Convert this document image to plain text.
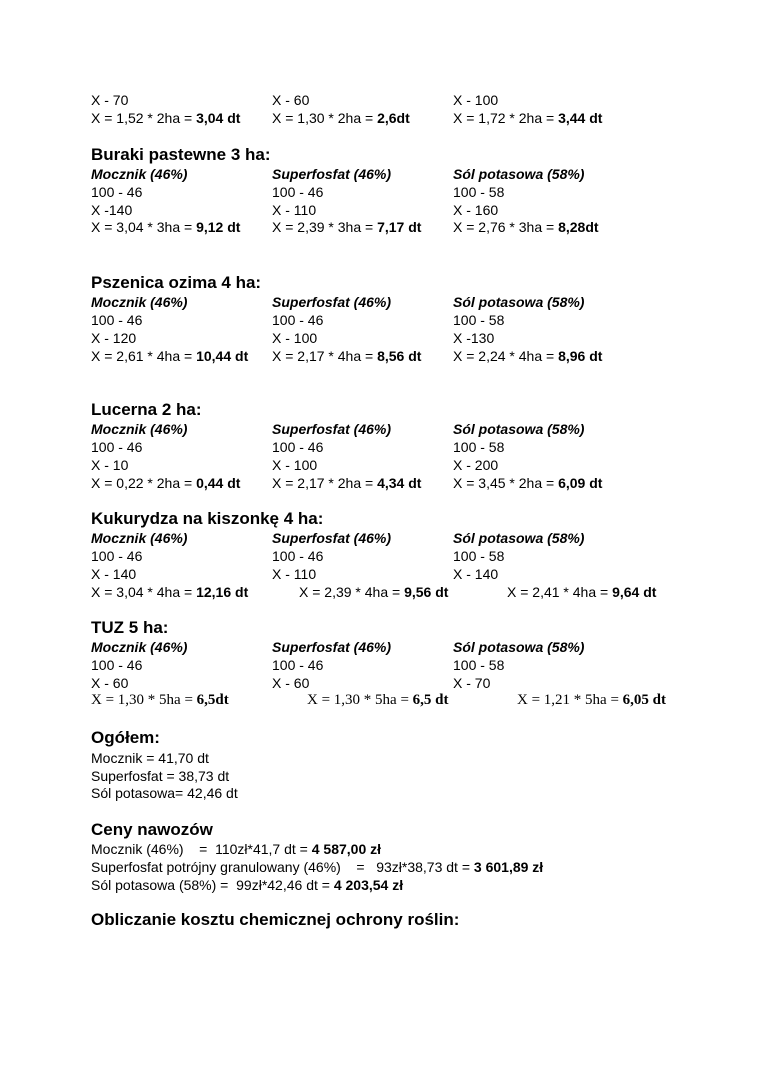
X - 70
X = 1,52 * 2ha = 3,04 dt
X - 60
X = 1,30 * 2ha = 2,6dt
X - 100
X = 1,72 * 2ha = 3,44 dt
Buraki pastewne 3 ha:
Mocznik (46%)
100 - 46
X -140
X = 3,04 * 3ha = 9,12 dt
Superfosfat (46%)
100 - 46
X - 110
X = 2,39 * 3ha = 7,17 dt
Sól potasowa (58%)
100 - 58
X - 160
X = 2,76 * 3ha = 8,28dt
Pszenica ozima 4 ha:
Mocznik (46%)
100 - 46
X - 120
X = 2,61 * 4ha = 10,44 dt
Superfosfat (46%)
100 - 46
X - 100
X = 2,17 * 4ha = 8,56 dt
Sól potasowa (58%)
100 - 58
X -130
X = 2,24 * 4ha = 8,96 dt
Lucerna 2 ha:
Mocznik (46%)
100 - 46
X - 10
X = 0,22 * 2ha = 0,44 dt
Superfosfat (46%)
100 - 46
X - 100
X = 2,17 * 2ha = 4,34 dt
Sól potasowa (58%)
100 - 58
X - 200
X = 3,45 * 2ha = 6,09 dt
Kukurydza na kiszonkę 4 ha:
Mocznik (46%)
100 - 46
X - 140
X = 3,04 * 4ha = 12,16 dt
Superfosfat (46%)
100 - 46
X - 110
X = 2,39 * 4ha = 9,56 dt
Sól potasowa (58%)
100 - 58
X - 140
X = 2,41 * 4ha = 9,64 dt
TUZ 5 ha:
Mocznik (46%)
100 - 46
X - 60
X = 1,30 * 5ha = 6,5dt
Superfosfat (46%)
100 - 46
X - 60
X = 1,30 * 5ha = 6,5 dt
Sól potasowa (58%)
100 - 58
X - 70
X = 1,21 * 5ha = 6,05 dt
Ogółem:
Mocznik = 41,70 dt
Superfosfat = 38,73 dt
Sól potasowa= 42,46 dt
Ceny nawozów
Mocznik (46%)    =  110zł*41,7 dt = 4 587,00 zł
Superfosfat potrójny granulowany (46%)    =   93zł*38,73 dt = 3 601,89 zł
Sól potasowa (58%) =  99zł*42,46 dt = 4 203,54 zł
Obliczanie kosztu chemicznej ochrony roślin:
